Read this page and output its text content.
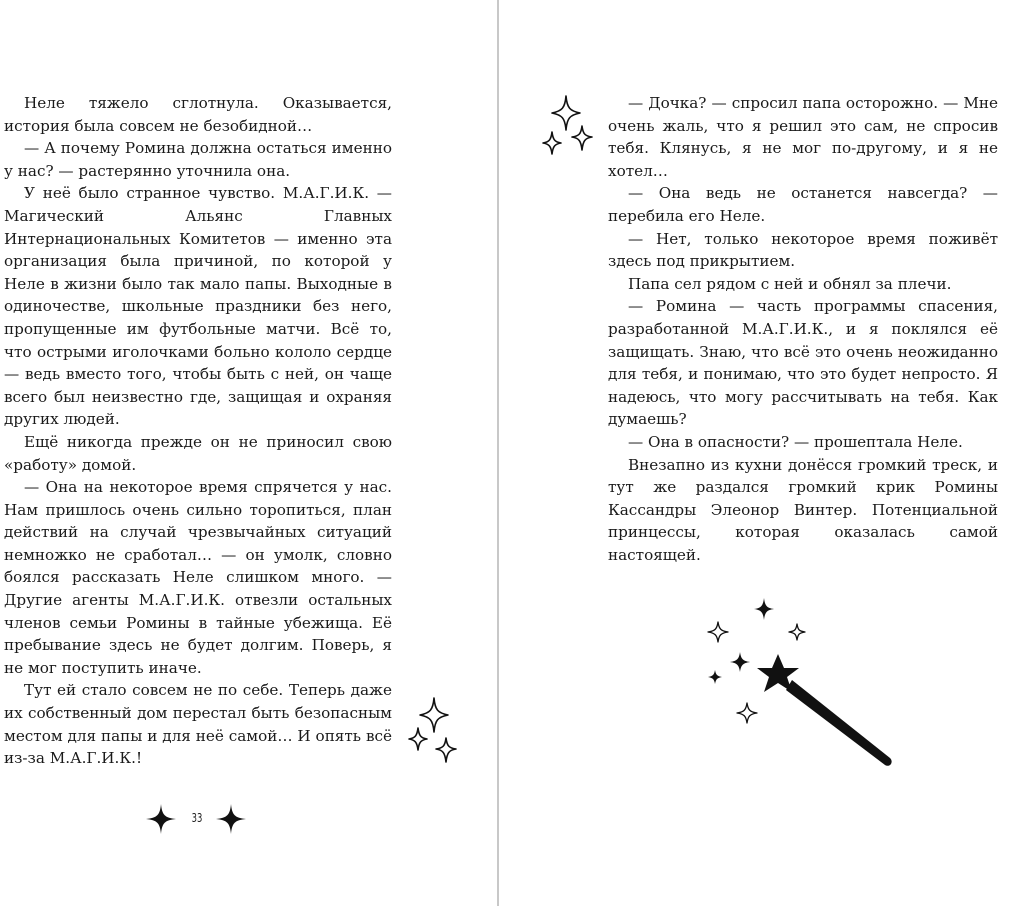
Неле тяжело сглотнула. Оказывается, история была совсем не безобидной…

— А почему Ромина должна остаться именно у нас? — растерянно уточнила она.

У неё было странное чувство. М.А.Г.И.К. — Магический Альянс Главных Интернациональных Комитетов — именно эта организация была причиной, по которой у Неле в жизни было так мало папы. Выходные в одиночестве, школьные праздники без него, пропущенные им футбольные матчи. Всё то, что острыми иголочками больно кололо сердце — ведь вместо того, чтобы быть с ней, он чаще всего был неизвестно где, защищая и охраняя других людей.

Ещё никогда прежде он не приносил свою «работу» домой.

— Она на некоторое время спрячется у нас. Нам пришлось очень сильно торопиться, план действий на случай чрезвычайных ситуаций немножко не сработал… — он умолк, словно боялся рассказать Неле слишком много. — Другие агенты М.А.Г.И.К. отвезли остальных членов семьи Ромины в тайные убежища. Её пребывание здесь не будет долгим. Поверь, я не мог поступить иначе.

Тут ей стало совсем не по себе. Теперь даже их собственный дом перестал быть безопасным местом для папы и для неё самой… И опять всё из-за М.А.Г.И.К.!

33

— Дочка? — спросил папа осторожно. — Мне очень жаль, что я решил это сам, не спросив тебя. Клянусь, я не мог по-другому, и я не хотел…

— Она ведь не останется навсегда? — перебила его Неле.

— Нет, только некоторое время поживёт здесь под прикрытием.

Папа сел рядом с ней и обнял за плечи.

— Ромина — часть программы спасения, разработанной М.А.Г.И.К., и я поклялся её защищать. Знаю, что всё это очень неожиданно для тебя, и понимаю, что это будет непросто. Я надеюсь, что могу рассчитывать на тебя. Как думаешь?

— Она в опасности? — прошептала Неле.

Внезапно из кухни донёсся громкий треск, и тут же раздался громкий крик Ромины Кассандры Элеонор Винтер. Потенциальной принцессы, которая оказалась самой настоящей.
